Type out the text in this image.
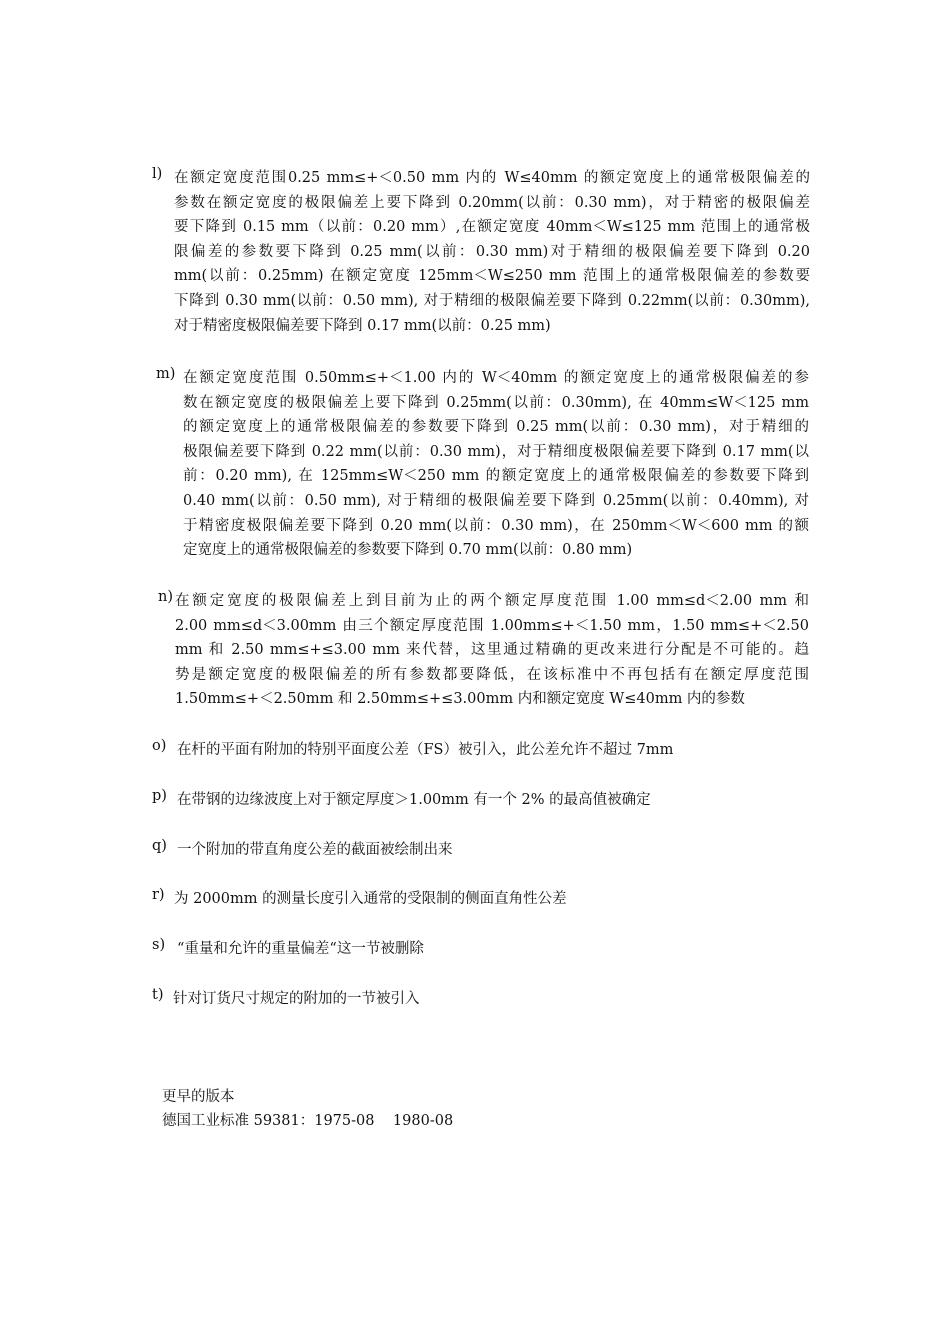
l) 在额定宽度范围0.25 mm≤+＜0.50 mm 内的 W≤40mm 的额定宽度上的通常极限偏差的
参数在额定宽度的极限偏差上要下降到 0.20mm(以前：0.30 mm)，对于精密的极限偏差
要下降到 0.15 mm（以前：0.20 mm）,在额定宽度 40mm＜W≤125 mm 范围上的通常极
限偏差的参数要下降到 0.25 mm(以前：0.30 mm)对于精细的极限偏差要下降到 0.20
mm(以前：0.25mm) 在额定宽度 125mm＜W≤250 mm 范围上的通常极限偏差的参数要
下降到 0.30 mm(以前：0.50 mm), 对于精细的极限偏差要下降到 0.22mm(以前：0.30mm),
对于精密度极限偏差要下降到 0.17 mm(以前：0.25 mm)
m) 在额定宽度范围 0.50mm≤+＜1.00 内的 W＜40mm 的额定宽度上的通常极限偏差的参
数在额定宽度的极限偏差上要下降到 0.25mm(以前：0.30mm), 在 40mm≤W＜125 mm
的额定宽度上的通常极限偏差的参数要下降到 0.25 mm(以前：0.30 mm)，对于精细的
极限偏差要下降到 0.22 mm(以前：0.30 mm)，对于精细度极限偏差要下降到 0.17 mm(以
前：0.20 mm), 在 125mm≤W＜250 mm 的额定宽度上的通常极限偏差的参数要下降到
0.40 mm(以前：0.50 mm), 对于精细的极限偏差要下降到 0.25mm(以前：0.40mm), 对
于精密度极限偏差要下降到 0.20 mm(以前：0.30 mm)，在 250mm＜W＜600 mm 的额
定宽度上的通常极限偏差的参数要下降到 0.70 mm(以前：0.80 mm)
n) 在额定宽度的极限偏差上到目前为止的两个额定厚度范围 1.00 mm≤d＜2.00 mm 和
2.00 mm≤d＜3.00mm 由三个额定厚度范围 1.00mm≤+＜1.50 mm，1.50 mm≤+＜2.50
mm 和 2.50 mm≤+≤3.00 mm 来代替，这里通过精确的更改来进行分配是不可能的。趋
势是额定宽度的极限偏差的所有参数都要降低，在该标准中不再包括有在额定厚度范围
1.50mm≤+＜2.50mm 和 2.50mm≤+≤3.00mm 内和额定宽度 W≤40mm 内的参数
o) 在杆的平面有附加的特别平面度公差（FS）被引入，此公差允许不超过 7mm
p) 在带钢的边缘波度上对于额定厚度＞1.00mm 有一个 2% 的最高值被确定
q) 一个附加的带直角度公差的截面被绘制出来
r) 为 2000mm 的测量长度引入通常的受限制的侧面直角性公差
s) “重量和允许的重量偏差“这一节被删除
t) 针对订货尺寸规定的附加的一节被引入
更早的版本
德国工业标准 59381：1975-08    1980-08
